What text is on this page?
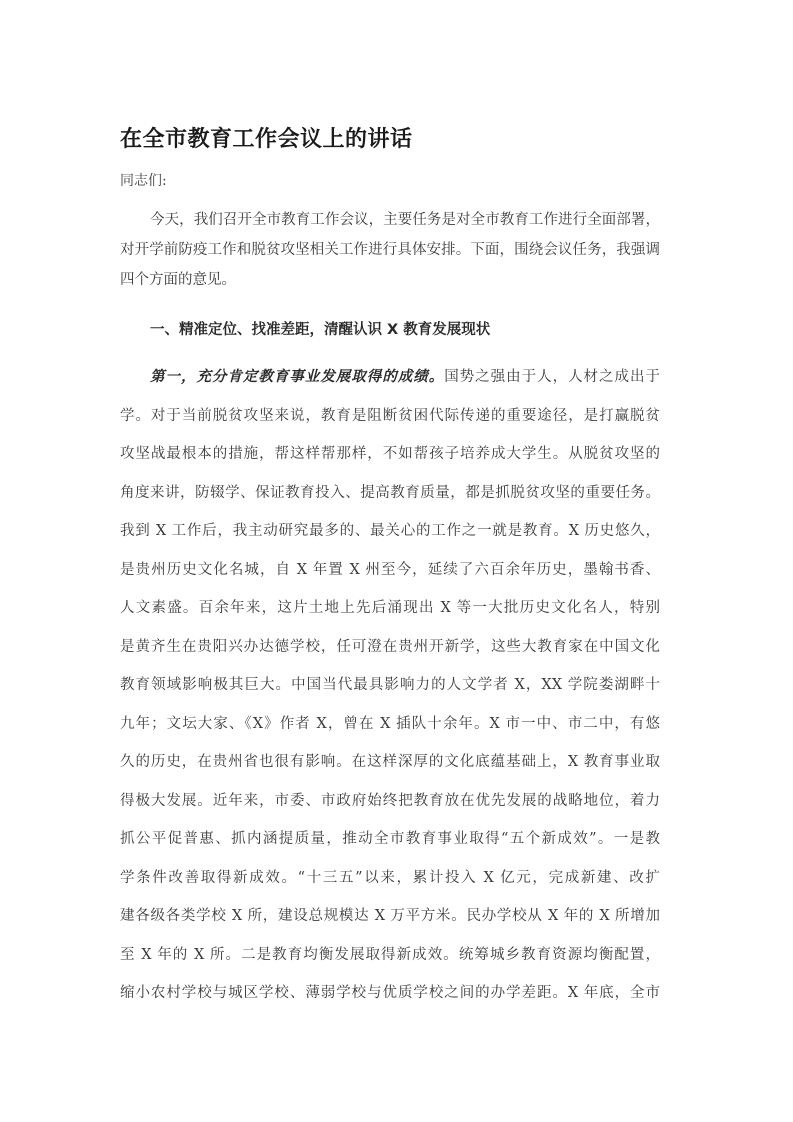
在全市教育工作会议上的讲话

同志们:

今天，我们召开全市教育工作会议，主要任务是对全市教育工作进行全面部署，对开学前防疫工作和脱贫攻坚相关工作进行具体安排。下面，围绕会议任务，我强调四个方面的意见。

一、精准定位、找准差距，清醒认识 X 教育发展现状

第一，充分肯定教育事业发展取得的成绩。国势之强由于人，人材之成出于
学。对于当前脱贫攻坚来说，教育是阻断贫困代际传递的重要途径，是打赢脱贫
攻坚战最根本的措施，帮这样帮那样，不如帮孩子培养成大学生。从脱贫攻坚的
角度来讲，防辍学、保证教育投入、提高教育质量，都是抓脱贫攻坚的重要任务。
我到 X 工作后，我主动研究最多的、最关心的工作之一就是教育。X 历史悠久，
是贵州历史文化名城，自 X 年置 X 州至今，延续了六百余年历史，墨翰书香、
人文素盛。百余年来，这片土地上先后涌现出 X 等一大批历史文化名人，特别
是黄齐生在贵阳兴办达德学校，任可澄在贵州开新学，这些大教育家在中国文化
教育领域影响极其巨大。中国当代最具影响力的人文学者 X，XX 学院娄湖畔十
九年；文坛大家、《X》作者 X，曾在 X 插队十余年。X 市一中、市二中，有悠
久的历史，在贵州省也很有影响。在这样深厚的文化底蕴基础上，X 教育事业取
得极大发展。近年来，市委、市政府始终把教育放在优先发展的战略地位，着力
抓公平促普惠、抓内涵提质量，推动全市教育事业取得“五个新成效”。一是教
学条件改善取得新成效。“十三五”以来，累计投入 X 亿元，完成新建、改扩
建各级各类学校 X 所，建设总规模达 X 万平方米。民办学校从 X 年的 X 所增加
至 X 年的 X 所。二是教育均衡发展取得新成效。统筹城乡教育资源均衡配置，
缩小农村学校与城区学校、薄弱学校与优质学校之间的办学差距。X 年底，全市
